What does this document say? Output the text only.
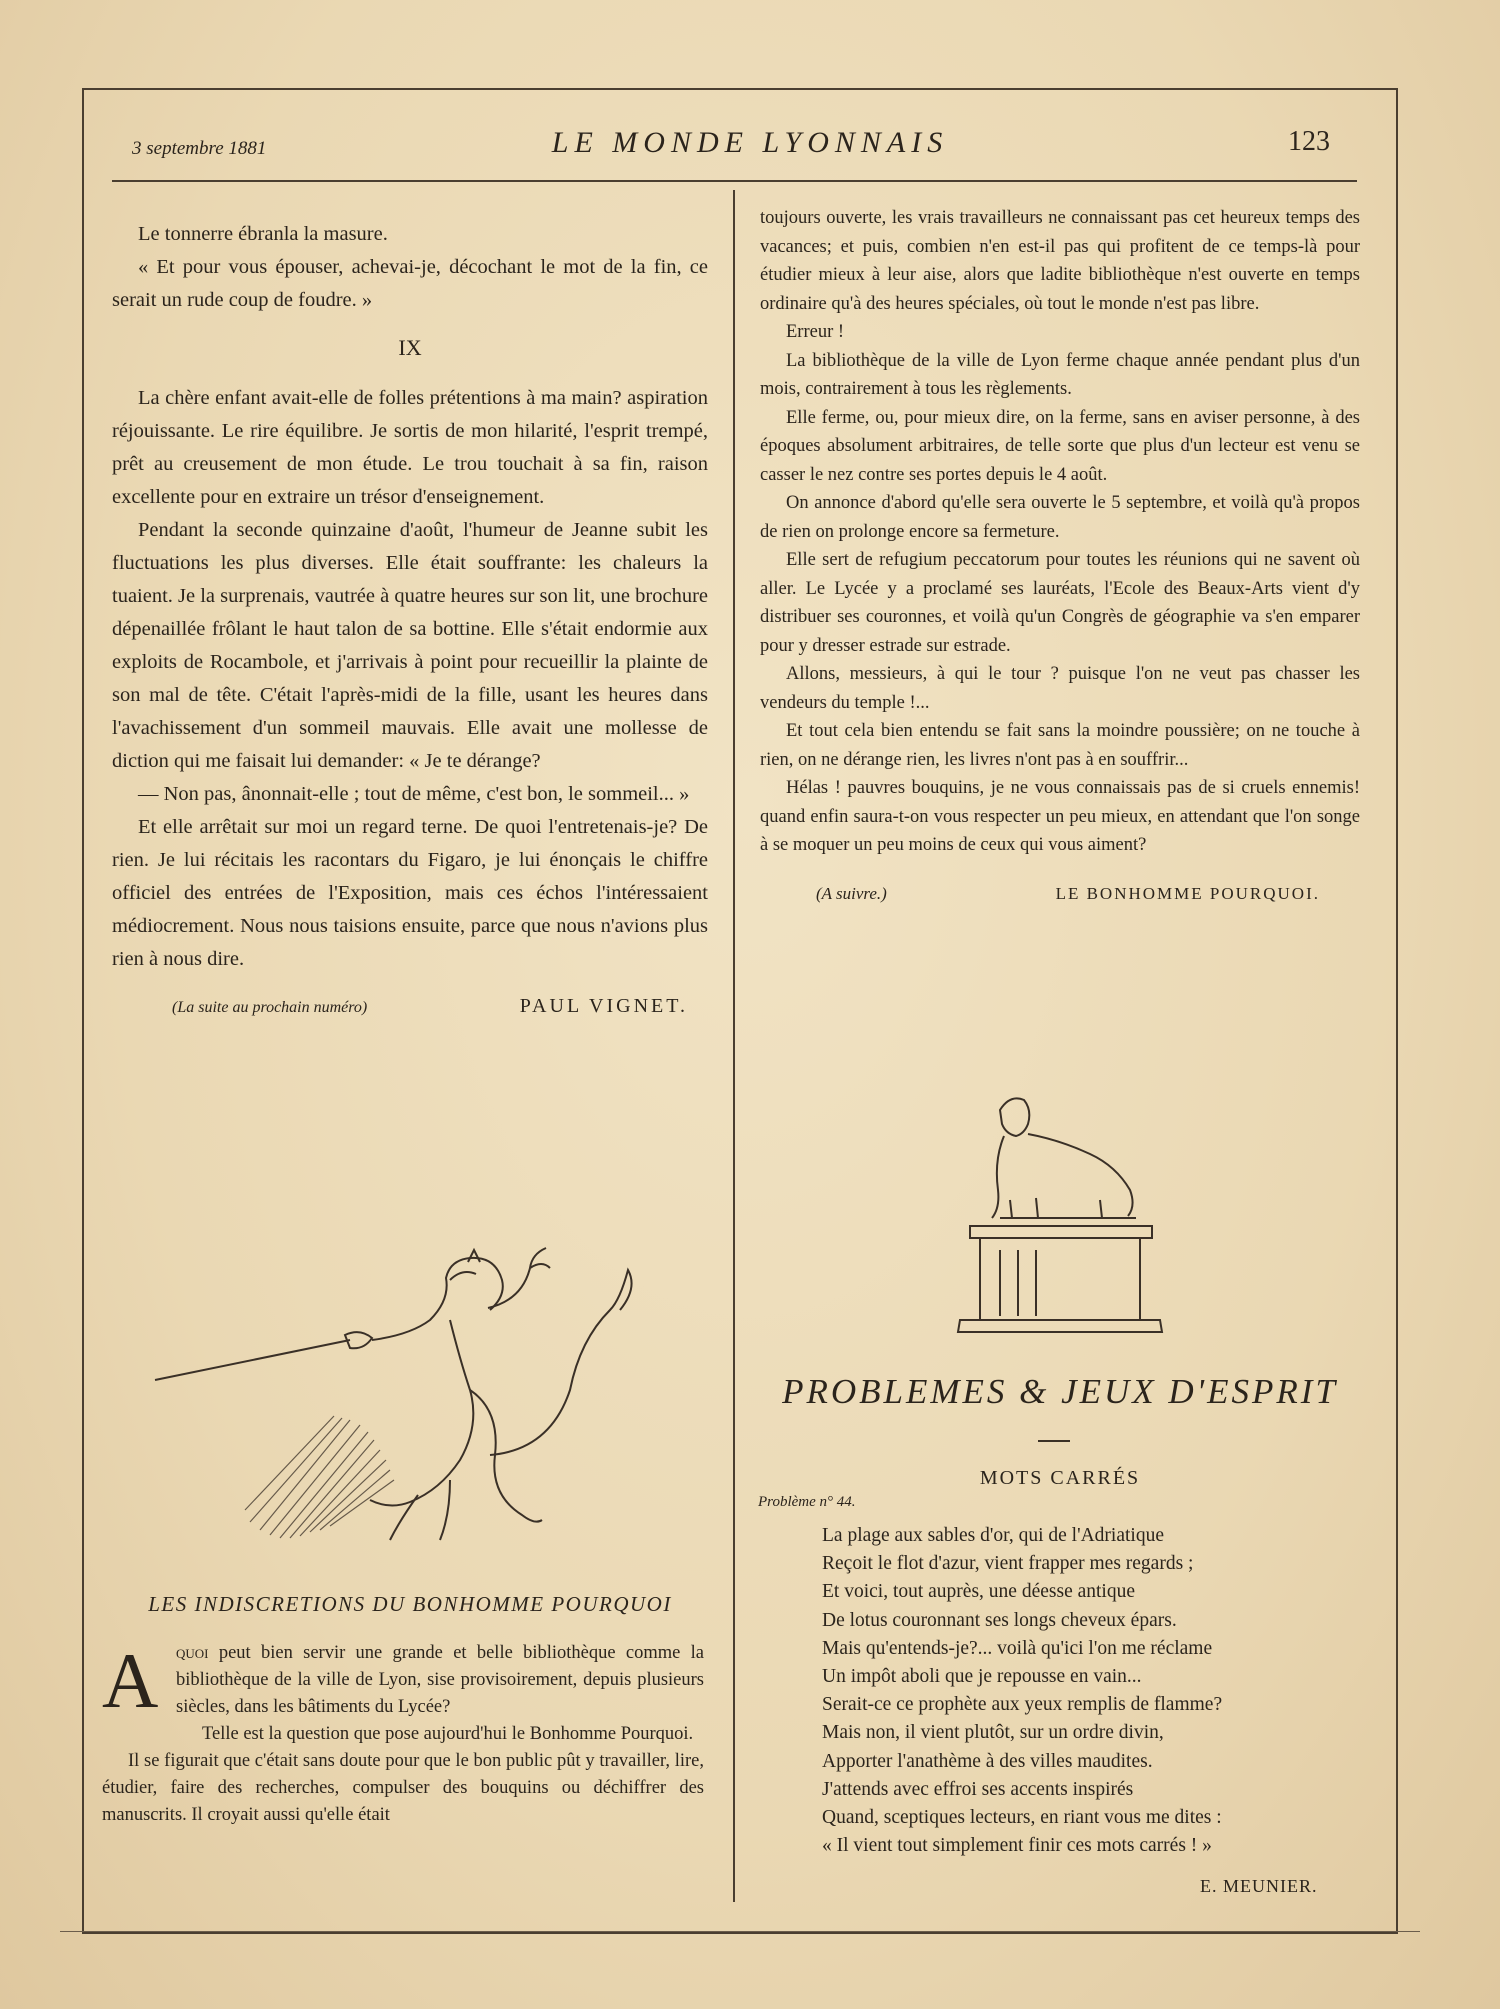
3 septembre 1881	LE MONDE LYONNAIS	123

Le tonnerre ébranla la masure.

« Et pour vous épouser, achevai-je, décochant le mot de la fin, ce serait un rude coup de foudre. »

IX

La chère enfant avait-elle de folles prétentions à ma main? aspiration réjouissante. Le rire équilibre. Je sortis de mon hilarité, l'esprit trempé, prêt au creusement de mon étude. Le trou touchait à sa fin, raison excellente pour en extraire un trésor d'enseignement.

Pendant la seconde quinzaine d'août, l'humeur de Jeanne subit les fluctuations les plus diverses. Elle était souffrante: les chaleurs la tuaient. Je la surprenais, vautrée à quatre heures sur son lit, une brochure dépenaillée frôlant le haut talon de sa bottine. Elle s'était endormie aux exploits de Rocambole, et j'arrivais à point pour recueillir la plainte de son mal de tête. C'était l'après-midi de la fille, usant les heures dans l'avachissement d'un sommeil mauvais. Elle avait une mollesse de diction qui me faisait lui demander: « Je te dérange?

— Non pas, ânonnait-elle ; tout de même, c'est bon, le sommeil... »

Et elle arrêtait sur moi un regard terne. De quoi l'entretenais-je? De rien. Je lui récitais les racontars du Figaro, je lui énonçais le chiffre officiel des entrées de l'Exposition, mais ces échos l'intéressaient médiocrement. Nous nous taisions ensuite, parce que nous n'avions plus rien à nous dire.

(La suite au prochain numéro)	PAUL VIGNET.
LES INDISCRETIONS DU BONHOMME POURQUOI

Aquoi peut bien servir une grande et belle bibliothèque comme la bibliothèque de la ville de Lyon, sise provisoirement, depuis plusieurs siècles, dans les bâtiments du Lycée?

Telle est la question que pose aujourd'hui le Bonhomme Pourquoi.

Il se figurait que c'était sans doute pour que le bon public pût y travailler, lire, étudier, faire des recherches, compulser des bouquins ou déchiffrer des manuscrits. Il croyait aussi qu'elle était

toujours ouverte, les vrais travailleurs ne connaissant pas cet heureux temps des vacances; et puis, combien n'en est-il pas qui profitent de ce temps-là pour étudier mieux à leur aise, alors que ladite bibliothèque n'est ouverte en temps ordinaire qu'à des heures spéciales, où tout le monde n'est pas libre.

Erreur !

La bibliothèque de la ville de Lyon ferme chaque année pendant plus d'un mois, contrairement à tous les règlements.

Elle ferme, ou, pour mieux dire, on la ferme, sans en aviser personne, à des époques absolument arbitraires, de telle sorte que plus d'un lecteur est venu se casser le nez contre ses portes depuis le 4 août.

On annonce d'abord qu'elle sera ouverte le 5 septembre, et voilà qu'à propos de rien on prolonge encore sa fermeture.

Elle sert de refugium peccatorum pour toutes les réunions qui ne savent où aller. Le Lycée y a proclamé ses lauréats, l'Ecole des Beaux-Arts vient d'y distribuer ses couronnes, et voilà qu'un Congrès de géographie va s'en emparer pour y dresser estrade sur estrade.

Allons, messieurs, à qui le tour ? puisque l'on ne veut pas chasser les vendeurs du temple !...

Et tout cela bien entendu se fait sans la moindre poussière; on ne touche à rien, on ne dérange rien, les livres n'ont pas à en souffrir...

Hélas ! pauvres bouquins, je ne vous connaissais pas de si cruels ennemis! quand enfin saura-t-on vous respecter un peu mieux, en attendant que l'on songe à se moquer un peu moins de ceux qui vous aiment?

(A suivre.)	LE BONHOMME POURQUOI.
PROBLEMES & JEUX D'ESPRIT
MOTS CARRÉS
Problème n° 44.
La plage aux sables d'or, qui de l'Adriatique
Reçoit le flot d'azur, vient frapper mes regards ;
Et voici, tout auprès, une déesse antique
De lotus couronnant ses longs cheveux épars.
Mais qu'entends-je?... voilà qu'ici l'on me réclame
Un impôt aboli que je repousse en vain...
Serait-ce ce prophète aux yeux remplis de flamme?
Mais non, il vient plutôt, sur un ordre divin,
Apporter l'anathème à des villes maudites.
J'attends avec effroi ses accents inspirés
Quand, sceptiques lecteurs, en riant vous me dites :
« Il vient tout simplement finir ces mots carrés ! »
E. MEUNIER.
